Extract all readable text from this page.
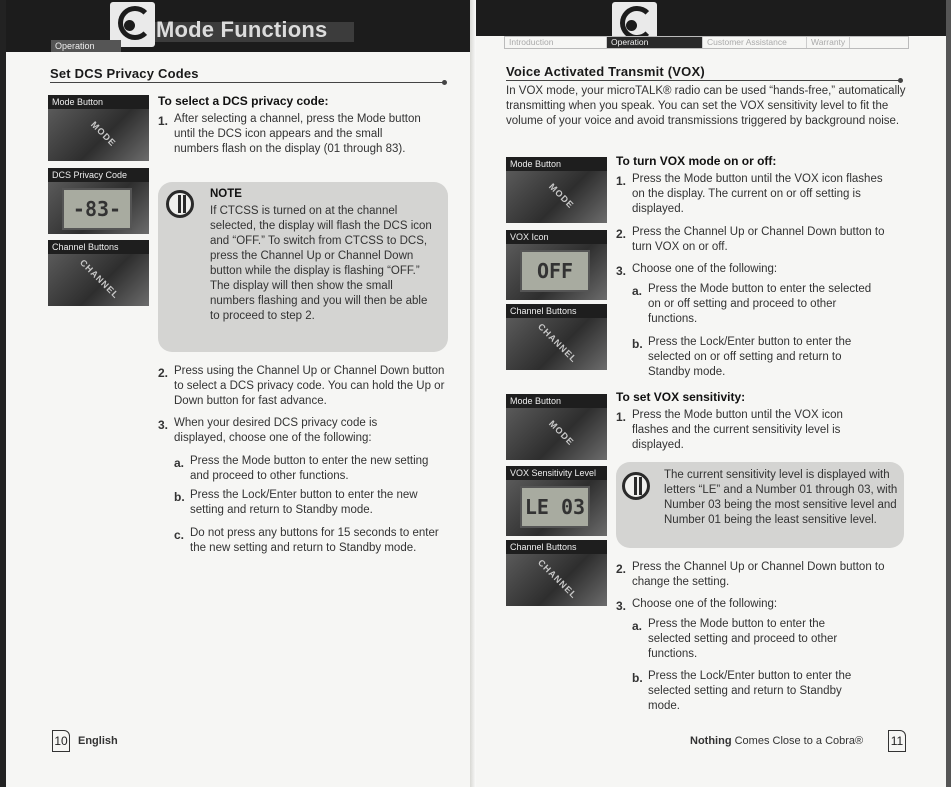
Mode Functions
Operation
Set DCS Privacy Codes
Mode Button
MODE
DCS Privacy Code
-83-
Channel Buttons
CHANNEL
To select a DCS privacy code:
1. After selecting a channel, press the Mode button until the DCS icon appears and the small numbers flash on the display (01 through 83).
NOTE
If CTCSS is turned on at the channel selected, the display will flash the DCS icon and “OFF.” To switch from CTCSS to DCS, press the Channel Up or Channel Down button while the display is flashing “OFF.” The display will then show the small numbers flashing and you will then be able to proceed to step 2.
2. Press using the Channel Up or Channel Down button to select a DCS privacy code. You can hold the Up or Down button for fast advance.
3. When your desired DCS privacy code is displayed, choose one of the following:
a. Press the Mode button to enter the new setting and proceed to other functions.
b. Press the Lock/Enter button to enter the new setting and return to Standby mode.
c. Do not press any buttons for 15 seconds to enter the new setting and return to Standby mode.
10 English
Introduction	Operation	Customer Assistance	Warranty
Voice Activated Transmit (VOX)
In VOX mode, your microTALK® radio can be used “hands-free,” automatically transmitting when you speak. You can set the VOX sensitivity level to fit the volume of your voice and avoid transmissions triggered by background noise.
Mode Button
MODE
VOX Icon
OFF
Channel Buttons
CHANNEL
Mode Button
MODE
VOX Sensitivity Level
LE 03
Channel Buttons
CHANNEL
To turn VOX mode on or off:
1. Press the Mode button until the VOX icon flashes on the display. The current on or off setting is displayed.
2. Press the Channel Up or Channel Down button to turn VOX on or off.
3. Choose one of the following:
a. Press the Mode button to enter the selected on or off setting and proceed to other functions.
b. Press the Lock/Enter button to enter the selected on or off setting and return to Standby mode.
To set VOX sensitivity:
1. Press the Mode button until the VOX icon flashes and the current sensitivity level is displayed.
The current sensitivity level is displayed with letters “LE” and a Number 01 through 03, with Number 03 being the most sensitive level and Number 01 being the least sensitive level.
2. Press the Channel Up or Channel Down button to change the setting.
3. Choose one of the following:
a. Press the Mode button to enter the selected setting and proceed to other functions.
b. Press the Lock/Enter button to enter the selected setting and return to Standby mode.
Nothing Comes Close to a Cobra® 11
